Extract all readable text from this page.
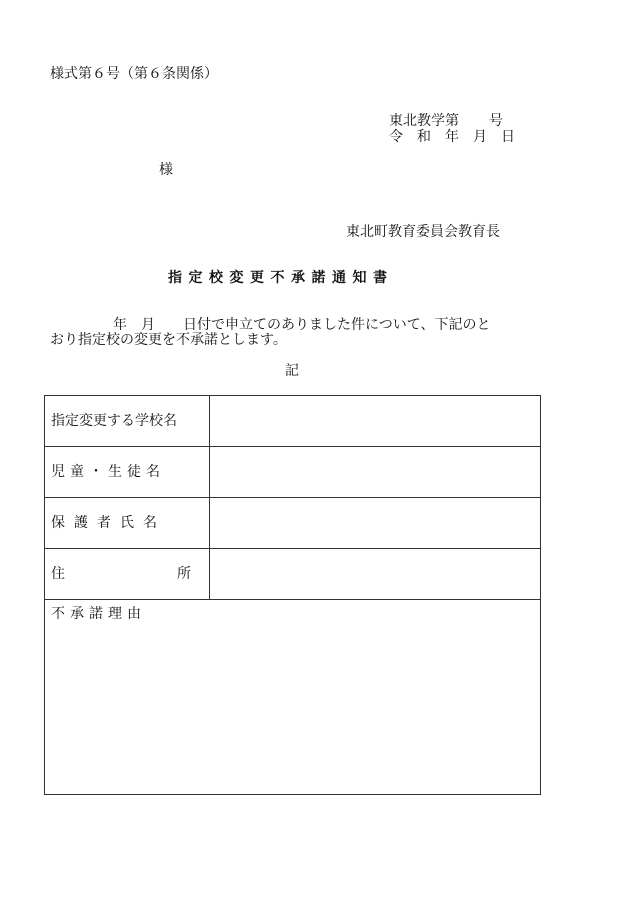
様式第６号（第６条関係）
東北教学第 号
令　和　年　月　日
様
東北町教育委員会教育長
指定校変更不承諾通知書
年　月　　日付で申立てのありました件について、下記のと
おり指定校の変更を不承諾とします。
記
指定変更する学校名
児童・生徒名
保護者氏名
住	所
不承諾理由
